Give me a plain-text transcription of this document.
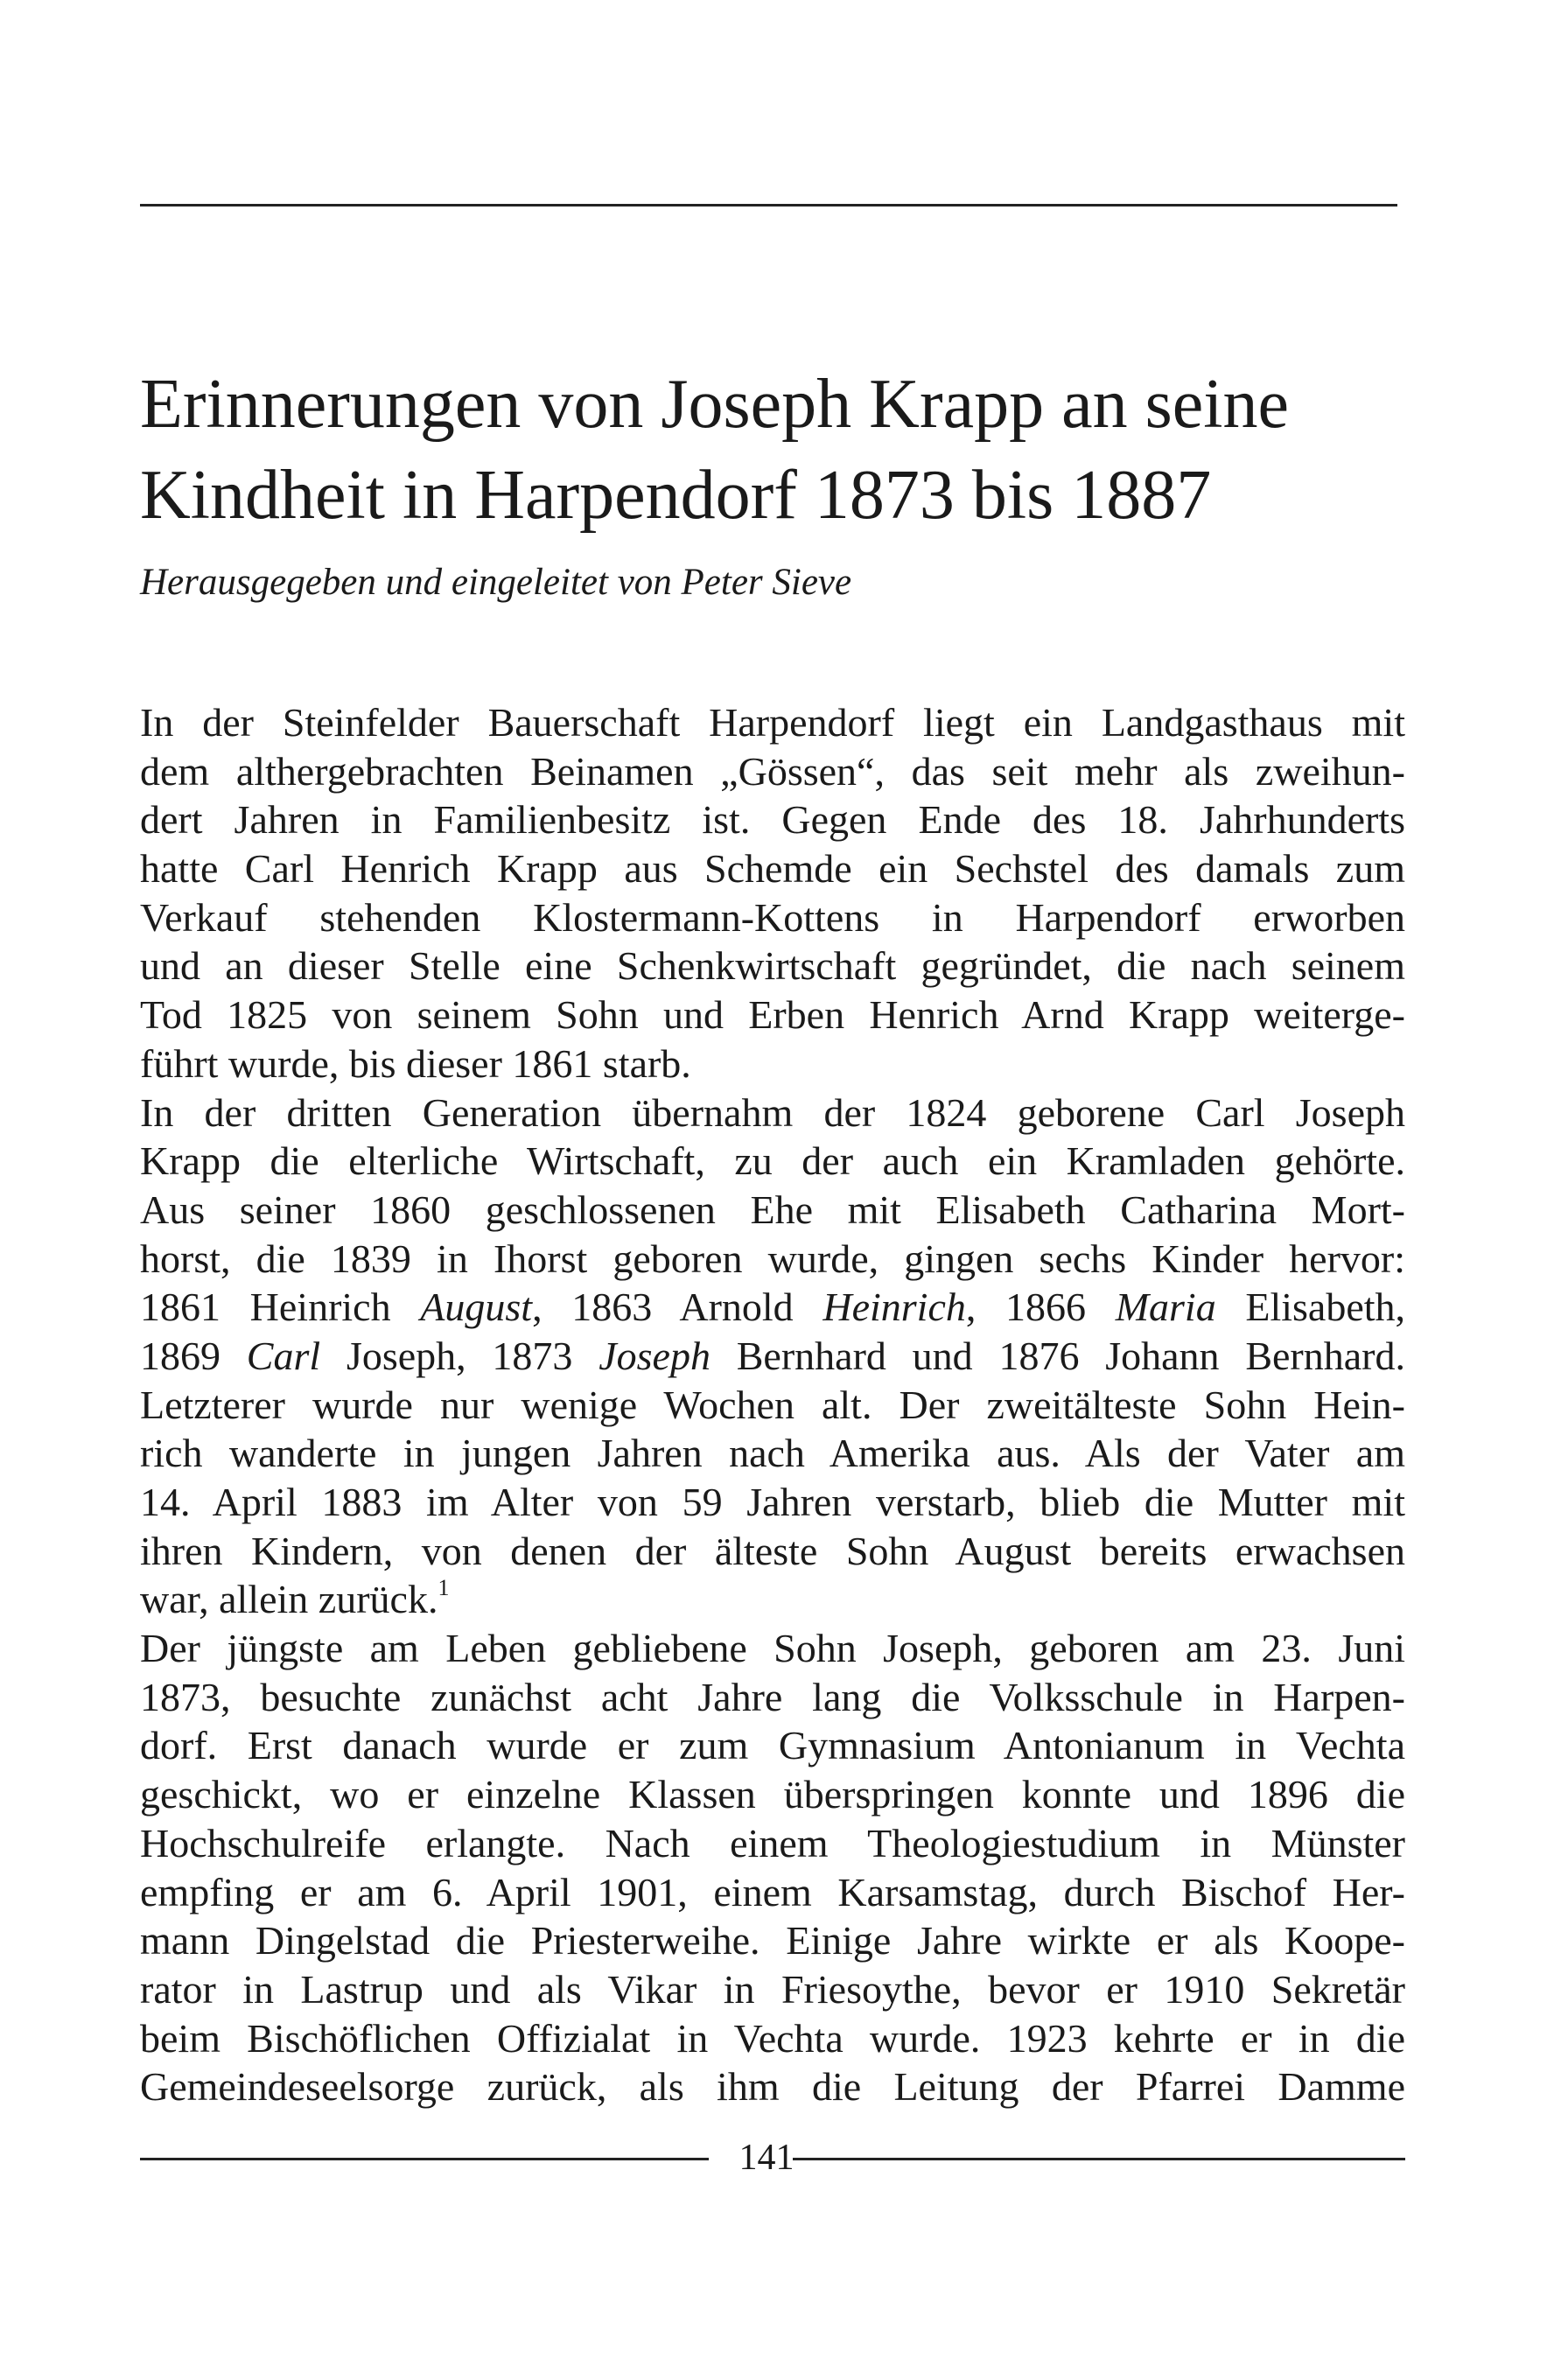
Erinnerungen von Joseph Krapp an seine
Kindheit in Harpendorf 1873 bis 1887

Herausgegeben und eingeleitet von Peter Sieve

In der Steinfelder Bauerschaft Harpendorf liegt ein Landgasthaus mit
dem althergebrachten Beinamen „Gössen“, das seit mehr als zweihun-
dert Jahren in Familienbesitz ist. Gegen Ende des 18. Jahrhunderts
hatte Carl Henrich Krapp aus Schemde ein Sechstel des damals zum
Verkauf stehenden Klostermann-Kottens in Harpendorf erworben
und an dieser Stelle eine Schenkwirtschaft gegründet, die nach seinem
Tod 1825 von seinem Sohn und Erben Henrich Arnd Krapp weiterge-
führt wurde, bis dieser 1861 starb.
In der dritten Generation übernahm der 1824 geborene Carl Joseph
Krapp die elterliche Wirtschaft, zu der auch ein Kramladen gehörte.
Aus seiner 1860 geschlossenen Ehe mit Elisabeth Catharina Mort-
horst, die 1839 in Ihorst geboren wurde, gingen sechs Kinder hervor:
1861 Heinrich August, 1863 Arnold Heinrich, 1866 Maria Elisabeth,
1869 Carl Joseph, 1873 Joseph Bernhard und 1876 Johann Bernhard.
Letzterer wurde nur wenige Wochen alt. Der zweitälteste Sohn Hein-
rich wanderte in jungen Jahren nach Amerika aus. Als der Vater am
14. April 1883 im Alter von 59 Jahren verstarb, blieb die Mutter mit
ihren Kindern, von denen der älteste Sohn August bereits erwachsen
war, allein zurück.$^1$
Der jüngste am Leben gebliebene Sohn Joseph, geboren am 23. Juni
1873, besuchte zunächst acht Jahre lang die Volksschule in Harpen-
dorf. Erst danach wurde er zum Gymnasium Antonianum in Vechta
geschickt, wo er einzelne Klassen überspringen konnte und 1896 die
Hochschulreife erlangte. Nach einem Theologiestudium in Münster
empfing er am 6. April 1901, einem Karsamstag, durch Bischof Her-
mann Dingelstad die Priesterweihe. Einige Jahre wirkte er als Koope-
rator in Lastrup und als Vikar in Friesoythe, bevor er 1910 Sekretär
beim Bischöflichen Offizialat in Vechta wurde. 1923 kehrte er in die
Gemeindeseelsorge zurück, als ihm die Leitung der Pfarrei Damme
141
